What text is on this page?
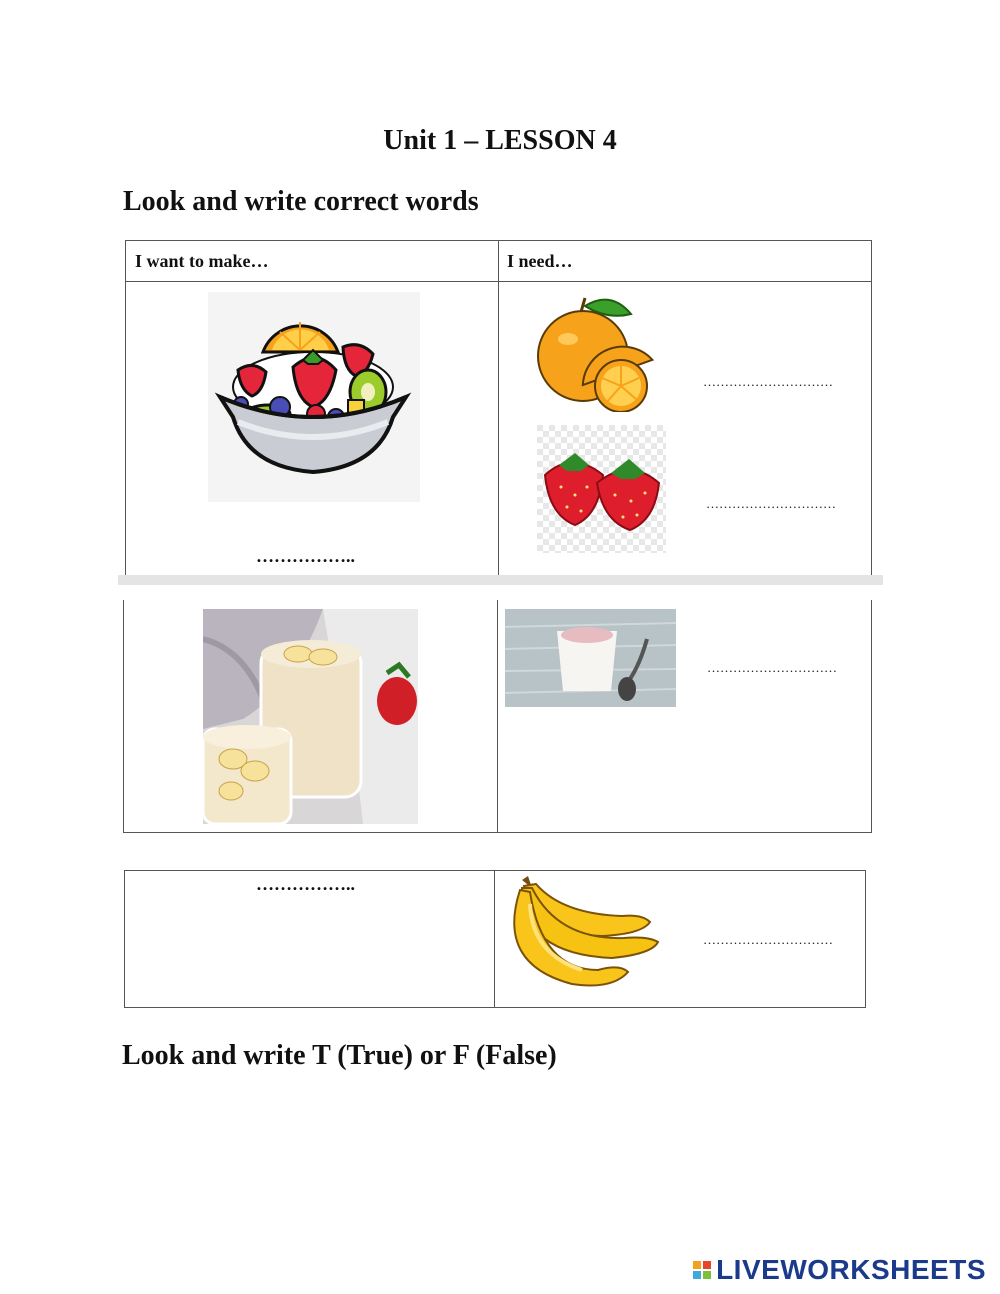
Unit 1 – LESSON 4
Look and write correct words
I want to make…	I need…
……………..
…………………………
…………………………
…………………………
……………..
…………………………
Look and write T (True) or F (False)
LIVEWORKSHEETS
